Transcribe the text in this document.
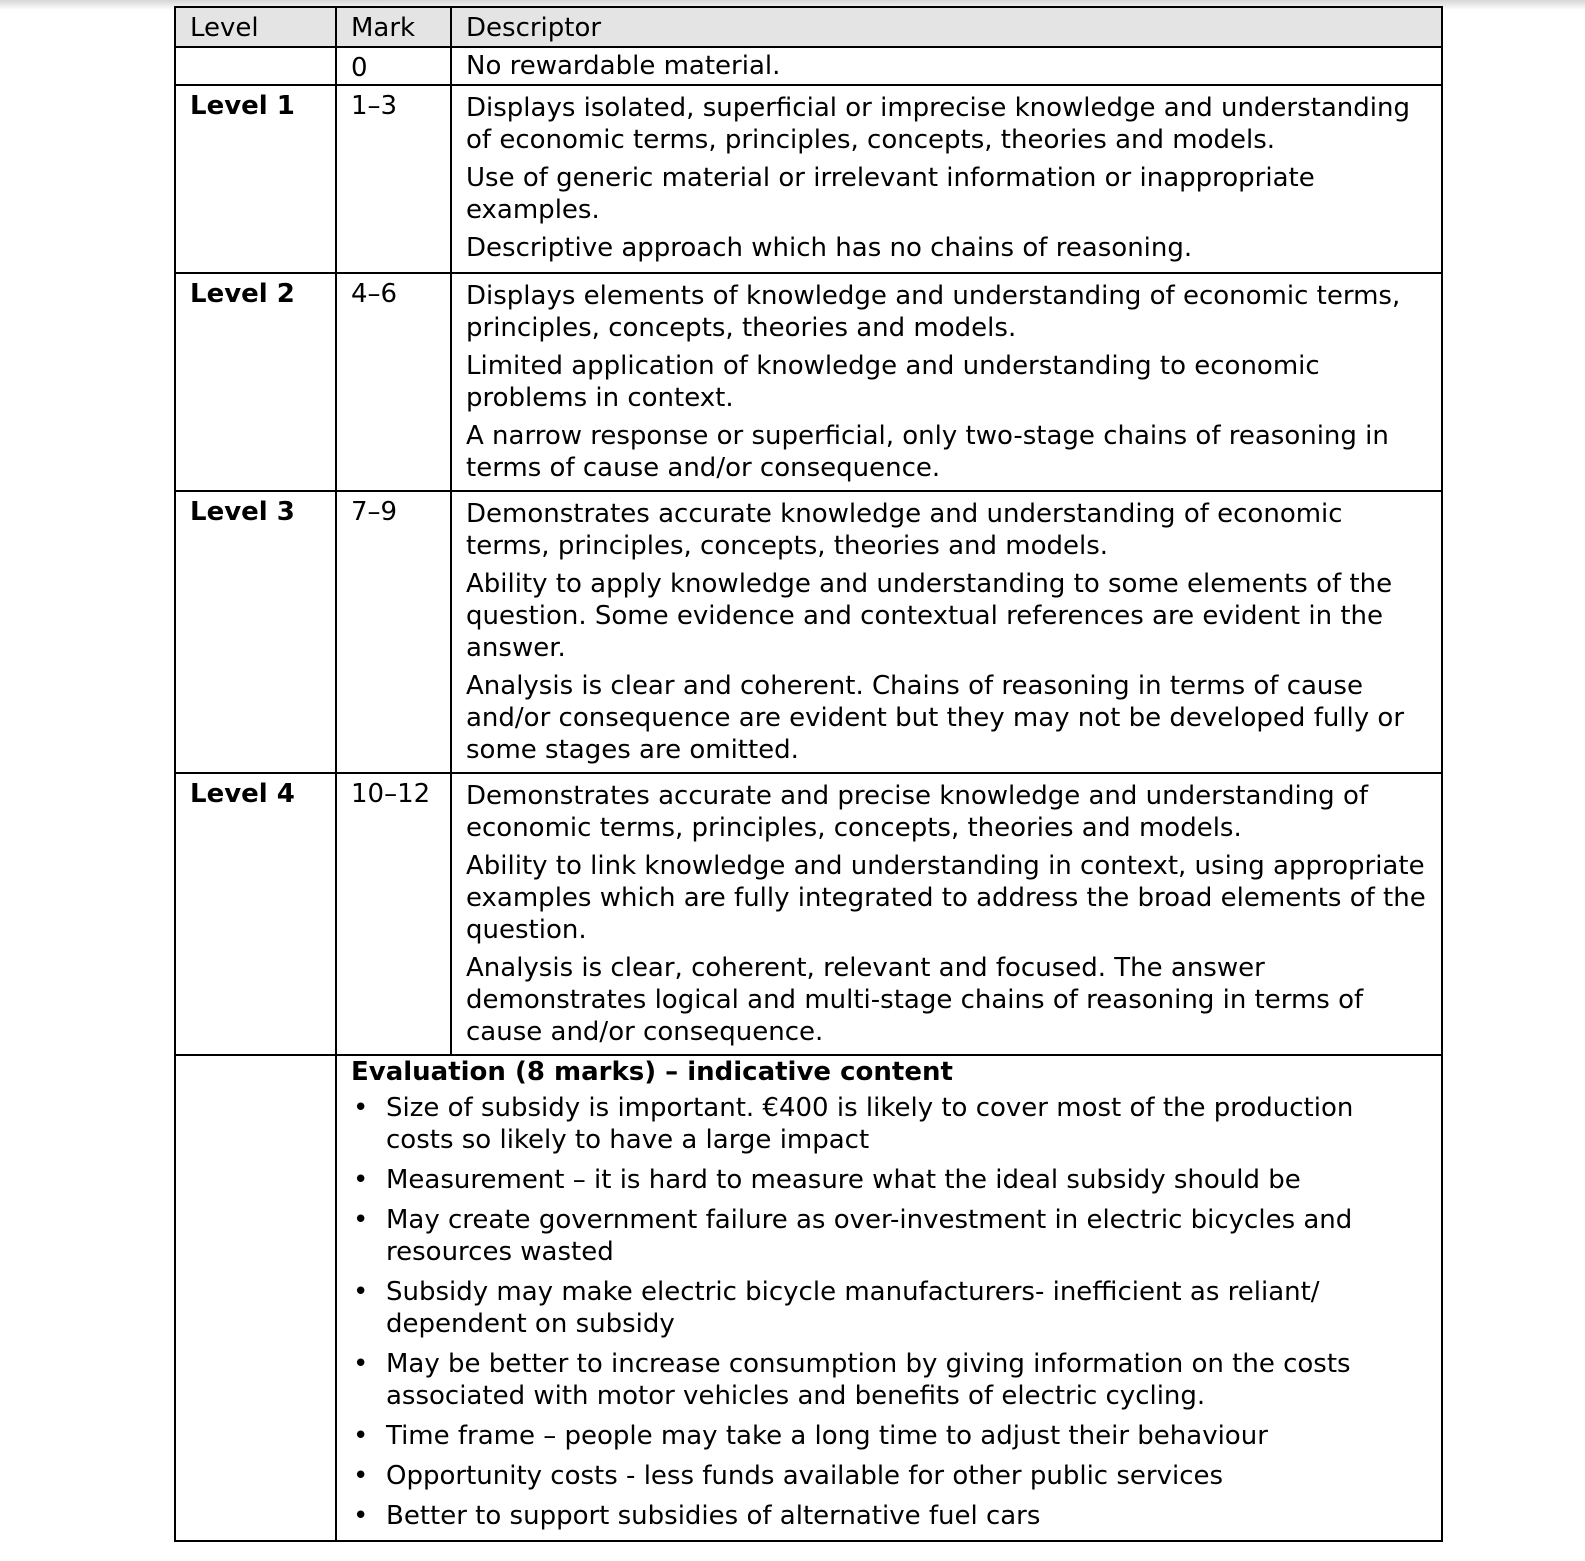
Level	Mark	Descriptor

	0	No rewardable material.

Level 1	1–3	Displays isolated, superficial or imprecise knowledge and understanding of economic terms, principles, concepts, theories and models.
Use of generic material or irrelevant information or inappropriate examples.
Descriptive approach which has no chains of reasoning.

Level 2	4–6	Displays elements of knowledge and understanding of economic terms, principles, concepts, theories and models.
Limited application of knowledge and understanding to economic problems in context.
A narrow response or superficial, only two-stage chains of reasoning in terms of cause and/or consequence.

Level 3	7–9	Demonstrates accurate knowledge and understanding of economic terms, principles, concepts, theories and models.
Ability to apply knowledge and understanding to some elements of the question. Some evidence and contextual references are evident in the answer.
Analysis is clear and coherent. Chains of reasoning in terms of cause and/or consequence are evident but they may not be developed fully or some stages are omitted.

Level 4	10–12	Demonstrates accurate and precise knowledge and understanding of economic terms, principles, concepts, theories and models.
Ability to link knowledge and understanding in context, using appropriate examples which are fully integrated to address the broad elements of the question.
Analysis is clear, coherent, relevant and focused. The answer demonstrates logical and multi-stage chains of reasoning in terms of cause and/or consequence.

Evaluation (8 marks) – indicative content
• Size of subsidy is important. €400 is likely to cover most of the production costs so likely to have a large impact
• Measurement – it is hard to measure what the ideal subsidy should be
• May create government failure as over-investment in electric bicycles and resources wasted
• Subsidy may make electric bicycle manufacturers- inefficient as reliant/ dependent on subsidy
• May be better to increase consumption by giving information on the costs associated with motor vehicles and benefits of electric cycling.
• Time frame – people may take a long time to adjust their behaviour
• Opportunity costs - less funds available for other public services
• Better to support subsidies of alternative fuel cars
